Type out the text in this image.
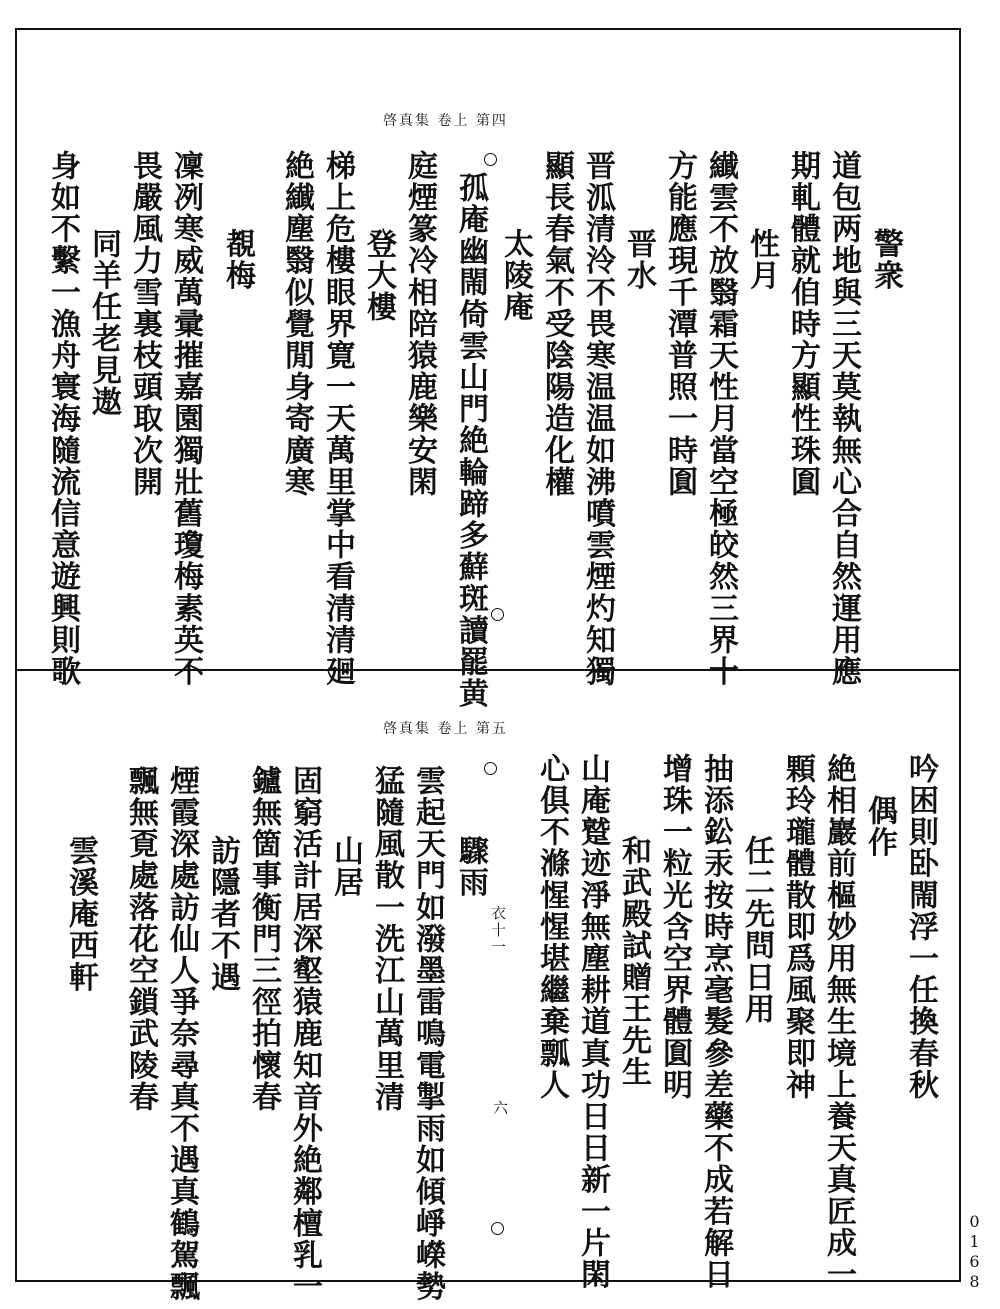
啓真集 卷上 第四
警衆
道包两地與三天莫執無心合自然運用應
期軋體就㑑時方顯性珠圎
性月
纎雲不放翳霜天性月當空極皎然三界十
方能應現千潭普照一時圎
晋水
晋泒清泠不畏寒温温如沸噴雲煙灼知獨
顯長春氣不受陰陽造化權
太陵庵
孤庵幽閙倚雲山門絶輪蹄多蘚斑讀罷黄
庭煙篆冷相陪猿鹿樂安閑
登大樓
梯上危樓眼界寛一天萬里掌中看清清廻
絶纎塵翳似覺閒身寄廣寒
覩梅
凜冽寒威萬彚摧嘉園獨壯舊瓊梅素英不
畏嚴風力雪裏枝頭取次開
同羊任老見遨
身如不繫一漁舟寰海隨流信意遊興則歌
啓真集 卷上 第五
吟困則卧閙浮一任換春秋
偶作
絶相巖前樞妙用無生境上養天真匠成一
顆玲瓏體散即爲風聚即神
任二先問日用
抽添鈆汞按時烹毫髮參差藥不成若解日
增珠一粒光含空界體圎明
和武殿試贈王先生
山庵蹵迹淨無塵耕道真功日日新一片閑
心俱不滌惺惺堪繼棄瓢人
驟雨
衣十一
六
雲起天門如潑墨雷鳴電掣雨如傾崢嶸勢
猛隨風散一洗江山萬里清
山居
固窮活計居深壑猿鹿知音外絶鄰檀乳一
鑪無箇事衡門三徑拍懷春
訪隱者不遇
煙霞深處訪仙人爭奈尋真不遇真鶴駕飄
飄無覔處落花空鎖武陵春
雲溪庵西軒
0168
